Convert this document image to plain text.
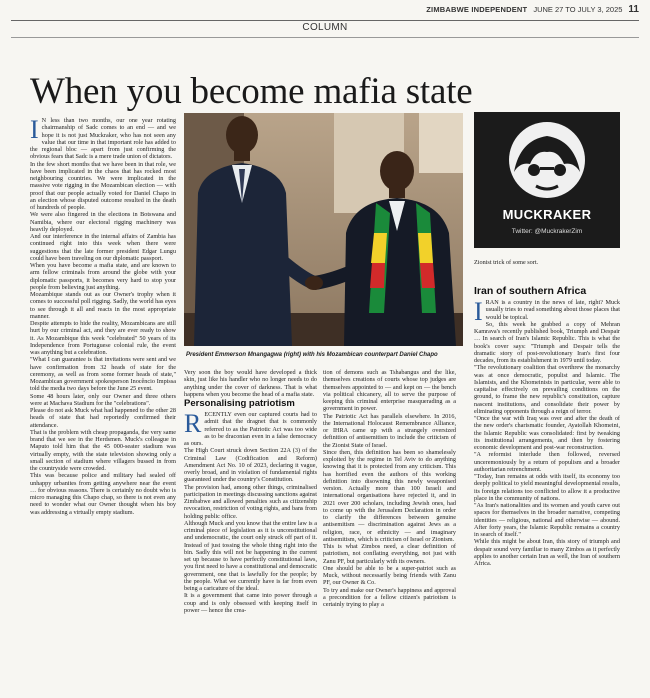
ZIMBABWE INDEPENDENT JUNE 27 TO JULY 3, 2025 11
COLUMN
When you become mafia state
I N less than two months, our one year rotating chairmanship of Sadc comes to an end — and we hope it is not just Muckraker, who has not seen any value that our time in that important role has added to the regional bloc — apart from just confirming the obvious fears that Sadc is a mere trade union of dictators.

In the few short months that we have been in that role, we have been implicated in the chaos that has rocked most neighbouring countries. We were implicated in the massive vote rigging in the Mozambican election — with proof that our people actually voted for Daniel Chapo in an election whose disputed outcome resulted in the death of hundreds of people.

We were also fingered in the elections in Botswana and Namibia, where our electoral rigging machinery was heavily deployed.

And our interference in the internal affairs of Zambia has continued right into this week when there were suggestions that the late former president Edgar Lungu could have been traveling on our diplomatic passport.

When you have become a mafia state, and are known to arm fellow criminals from around the globe with your diplomatic passports, it becomes very hard to stop your people from believing just anything.

Mozambique stands out as our Owner's trophy when it comes to successful poll rigging. Sadly, the world has eyes to see through it all and reacts in the most appropriate manner.

Despite attempts to hide the reality, Mozambicans are still hurt by our criminal act, and they are ever ready to show it. As Mozambique this week "celebrated" 50 years of its Independence from Portuguese colonial rule, the event was anything but a celebration.

"What I can guarantee is that invitations were sent and we have confirmation from 32 heads of state for the ceremony, as well as from some former heads of state," Mozambican government spokesperson Inocêncio Impissa told the media two days before the June 25 event.

Some 48 hours later, only our Owner and three others were at Machava Stadium for the "celebrations".

Please do not ask Muck what had happened to the other 28 heads of state that had reportedly confirmed their attendance.

That is the problem with cheap propaganda, the very same brand that we see in the Herdsmen. Muck's colleague in Maputo told him that the 45 000-seater stadium was virtually empty, with the state television showing only a small section of stadium where villagers bussed in from the countryside were crowded.

This was because police and military had sealed off unhappy urbanites from getting anywhere near the event … for obvious reasons. There is certainly no doubt who is micro managing this Chapo chap, so there is not even any need to wonder what our Owner thought when his boy was addressing a virtually empty stadium.

President Emmerson Mnangagwa (right) with his Mozambican counterpart Daniel Chapo

Very soon the boy would have developed a thick skin, just like his handler who no longer needs to do anything under the cover of darkness. That is what happens when you become the head of a mafia state.

Personalising patriotism
R ECENTLY even our captured courts had to admit that the dragnet that is commonly referred to as the Patriotic Act was too wide as to be draconian even in a false democracy as ours.

The High Court struck down Section 22A (3) of the Criminal Law (Codification and Reform) Amendment Act No. 10 of 2023, declaring it vague, overly broad, and in violation of fundamental rights guaranteed under the country's Constitution.

The provision had, among other things, criminalised participation in meetings discussing sanctions against Zimbabwe and allowed penalties such as citizenship revocation, restriction of voting rights, and bans from holding public office.

Although Muck and you know that the entire law is a criminal piece of legislation as it is unconstitutional and undemocratic, the court only struck off part of it. Instead of just tossing the whole thing right into the bin. Sadly this will not be happening in the current set up because to have perfectly constitutional laws, you first need to have a constitutional and democratic government, one that is lawfully for the people; by the people. What we currently have is far from even being a caricature of the ideal.

It is a government that came into power through a coup and is only obsessed with keeping itself in power — hence the crea-

tion of demons such as Tshabangus and the like, themselves creations of courts whose top judges are themselves appointed to — and kept on — the bench via political chicanery, all to serve the purpose of keeping this criminal enterprise masquerading as a government in power.

The Patriotic Act has parallels elsewhere. In 2016, the International Holocaust Remembrance Alliance, or IHRA came up with a strangely oversized definition of antisemitism to include the criticism of the Zionist State of Israel.

Since then, this definition has been so shamelessly exploited by the regime in Tel Aviv to do anything knowing that it is protected from any criticism. This has horrified even the authors of this working definition into disowning this newly weaponised version. Actually more than 100 Israeli and international organisations have rejected it, and in 2021 over 200 scholars, including Jewish ones, had to come up with the Jerusalem Declaration in order to clarify the differences between genuine antisemitism — discrimination against Jews as a religion, race, or ethnicity — and imaginary antisemitism, which is criticism of Israel or Zionism.

This is what Zimbos need, a clear definition of patriotism, not conflating everything, not just with Zanu PF, but particularly with its owners.

One should be able to be a super-patriot such as Muck, without necessarily being friends with Zanu PF, our Owner & Co.

To try and make our Owner's happiness and approval a precondition for a fellow citizen's patriotism is certainly trying to play a

MUCKRAKER
Twitter: @MuckrakerZim
Zionist trick of some sort.
Iran of southern Africa
I RAN is a country in the news of late, right? Muck usually tries to read something about those places that would be topical.

So, this week he grabbed a copy of Mehran Kamrava's recently published book, Triumph and Despair … In search of Iran's Islamic Republic. This is what the book's cover says: "Triumph and Despair tells the dramatic story of post-revolutionary Iran's first four decades, from its establishment in 1979 until today.

"The revolutionary coalition that overthrew the monarchy was at once democratic, populist and Islamic. The Islamists, and the Khomeinists in particular, were able to capitalise effectively on prevailing conditions on the ground, to frame the new republic's constitution, capture nascent institutions, and consolidate their power by eliminating opponents through a reign of terror.

"Once the war with Iraq was over and after the death of the new order's charismatic founder, Ayatollah Khomeini, the Islamic Republic was consolidated: first by tweaking its institutional arrangements, and then by fostering economic development and post-war reconstruction.

"A reformist interlude then followed, reversed unceremoniously by a return of populism and a broader authoritarian retrenchment.

"Today, Iran remains at odds with itself, its economy too deeply political to yield meaningful developmental results, its foreign relations too conflicted to allow it a productive place in the community of nations.

"As Iran's nationalities and its women and youth carve out spaces for themselves in the broader narrative, competing identities — religious, national and otherwise — abound. After forty years, the Islamic Republic remains a country in search of itself."

While this might be about Iran, this story of triumph and despair sound very familiar to many Zimbos as it perfectly applies to another certain Iran as well, the Iran of southern Africa.
